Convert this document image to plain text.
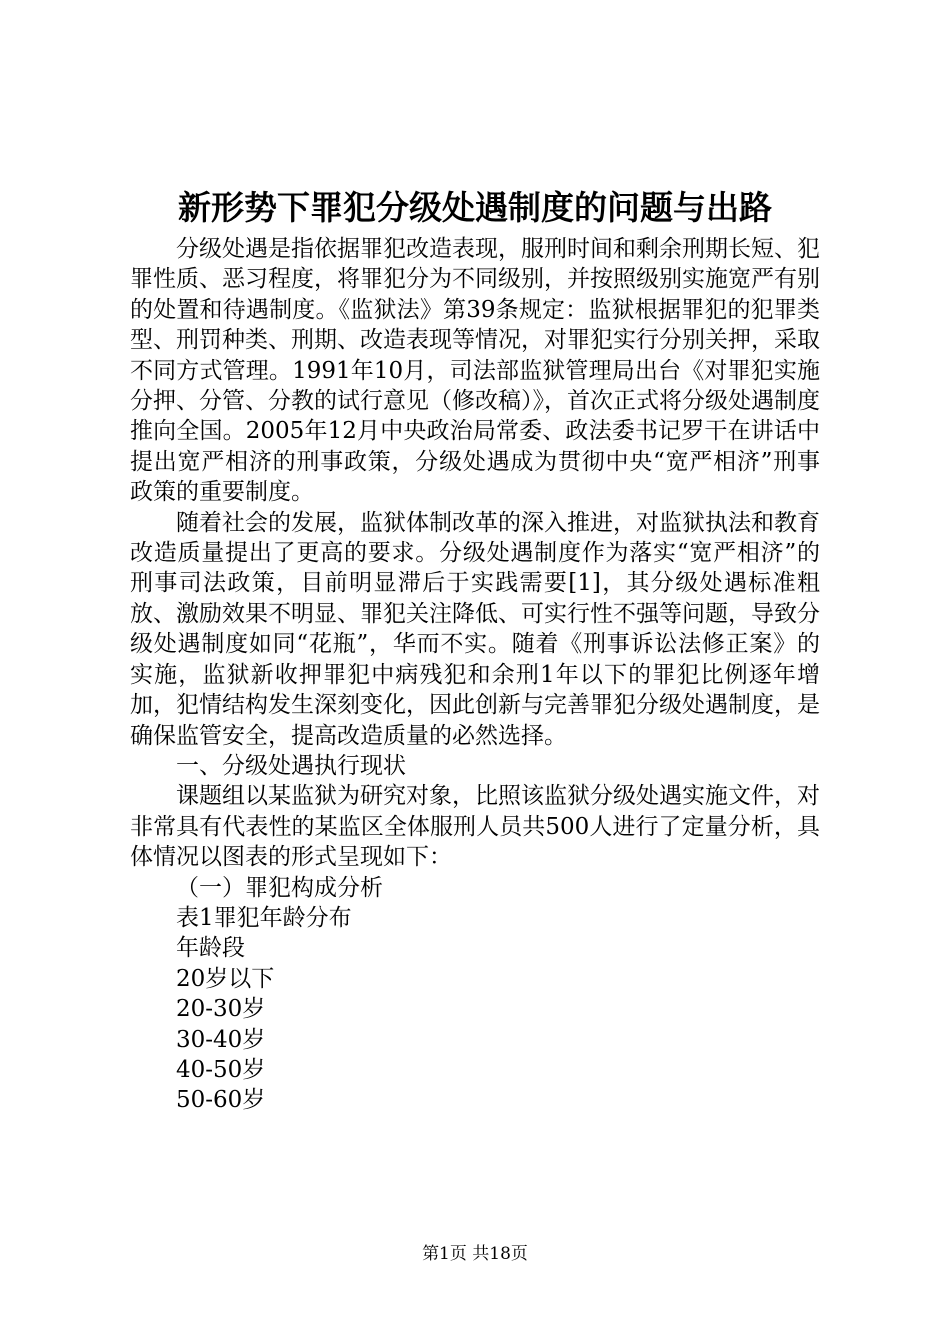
新形势下罪犯分级处遇制度的问题与出路

分级处遇是指依据罪犯改造表现，服刑时间和剩余刑期长短、犯罪性质、恶习程度，将罪犯分为不同级别，并按照级别实施宽严有别的处置和待遇制度。《监狱法》第39条规定：监狱根据罪犯的犯罪类型、刑罚种类、刑期、改造表现等情况，对罪犯实行分别关押，采取不同方式管理。1991年10月，司法部监狱管理局出台《对罪犯实施分押、分管、分教的试行意见（修改稿）》，首次正式将分级处遇制度推向全国。2005年12月中央政治局常委、政法委书记罗干在讲话中提出宽严相济的刑事政策，分级处遇成为贯彻中央“宽严相济”刑事政策的重要制度。

随着社会的发展，监狱体制改革的深入推进，对监狱执法和教育改造质量提出了更高的要求。分级处遇制度作为落实“宽严相济”的刑事司法政策，目前明显滞后于实践需要[1]，其分级处遇标准粗放、激励效果不明显、罪犯关注降低、可实行性不强等问题，导致分级处遇制度如同“花瓶”，华而不实。随着《刑事诉讼法修正案》的实施，监狱新收押罪犯中病残犯和余刑1年以下的罪犯比例逐年增加，犯情结构发生深刻变化，因此创新与完善罪犯分级处遇制度，是确保监管安全，提高改造质量的必然选择。

一、分级处遇执行现状

课题组以某监狱为研究对象，比照该监狱分级处遇实施文件，对非常具有代表性的某监区全体服刑人员共500人进行了定量分析，具体情况以图表的形式呈现如下：

（一）罪犯构成分析

表1罪犯年龄分布

年龄段

20岁以下

20-30岁

30-40岁

40-50岁

50-60岁

第1页 共18页
